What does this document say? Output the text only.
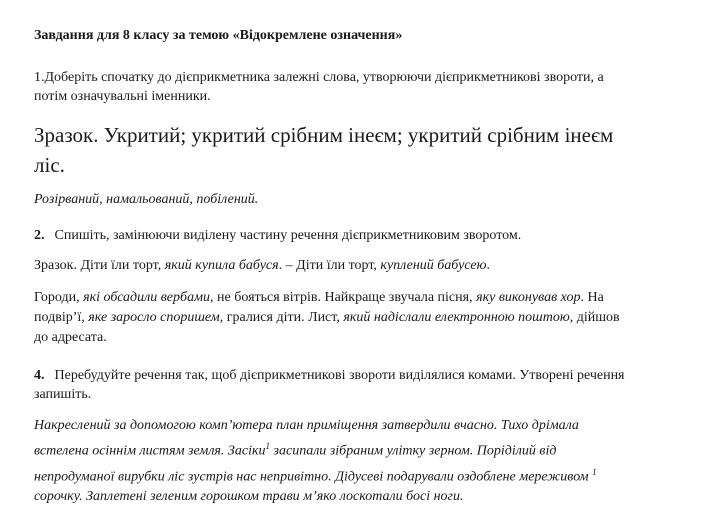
Завдання для 8 класу за темою «Відокремлене означення»

1.Доберіть спочатку до дієприкметника залежні слова, утворюючи дієприкметникові звороти, а
потім означувальні іменники.

Зразок. Укритий; укритий срібним інеєм; укритий срібним інеєм
ліс.

Розірваний, намальований, побілений.

2. Спишіть, замінюючи виділену частину речення дієприкметниковим зворотом.

Зразок. Діти їли торт, який купила бабуся. – Діти їли торт, куплений бабусею.

Городи, які обсадили вербами, не бояться вітрів. Найкраще звучала пісня, яку виконував хор. На
подвір’ї, яке заросло споришем, гралися діти. Лист, який надіслали електронною поштою, дійшов
до адресата.

4. Перебудуйте речення так, щоб дієприкметникові звороти виділялися комами. Утворені речення
запишіть.

Накреслений за допомогою комп’ютера план приміщення затвердили вчасно. Тихо дрімала
встелена осіннім листям земля. Засіки$^1$ засипали зібраним улітку зерном. Поріділий від
непродуманої вирубки ліс зустрів нас непривітно. Дідусеві подарували оздоблене мереживом $^1$
сорочку. Заплетені зеленим горошком трави м’яко лоскотали босі ноги.
